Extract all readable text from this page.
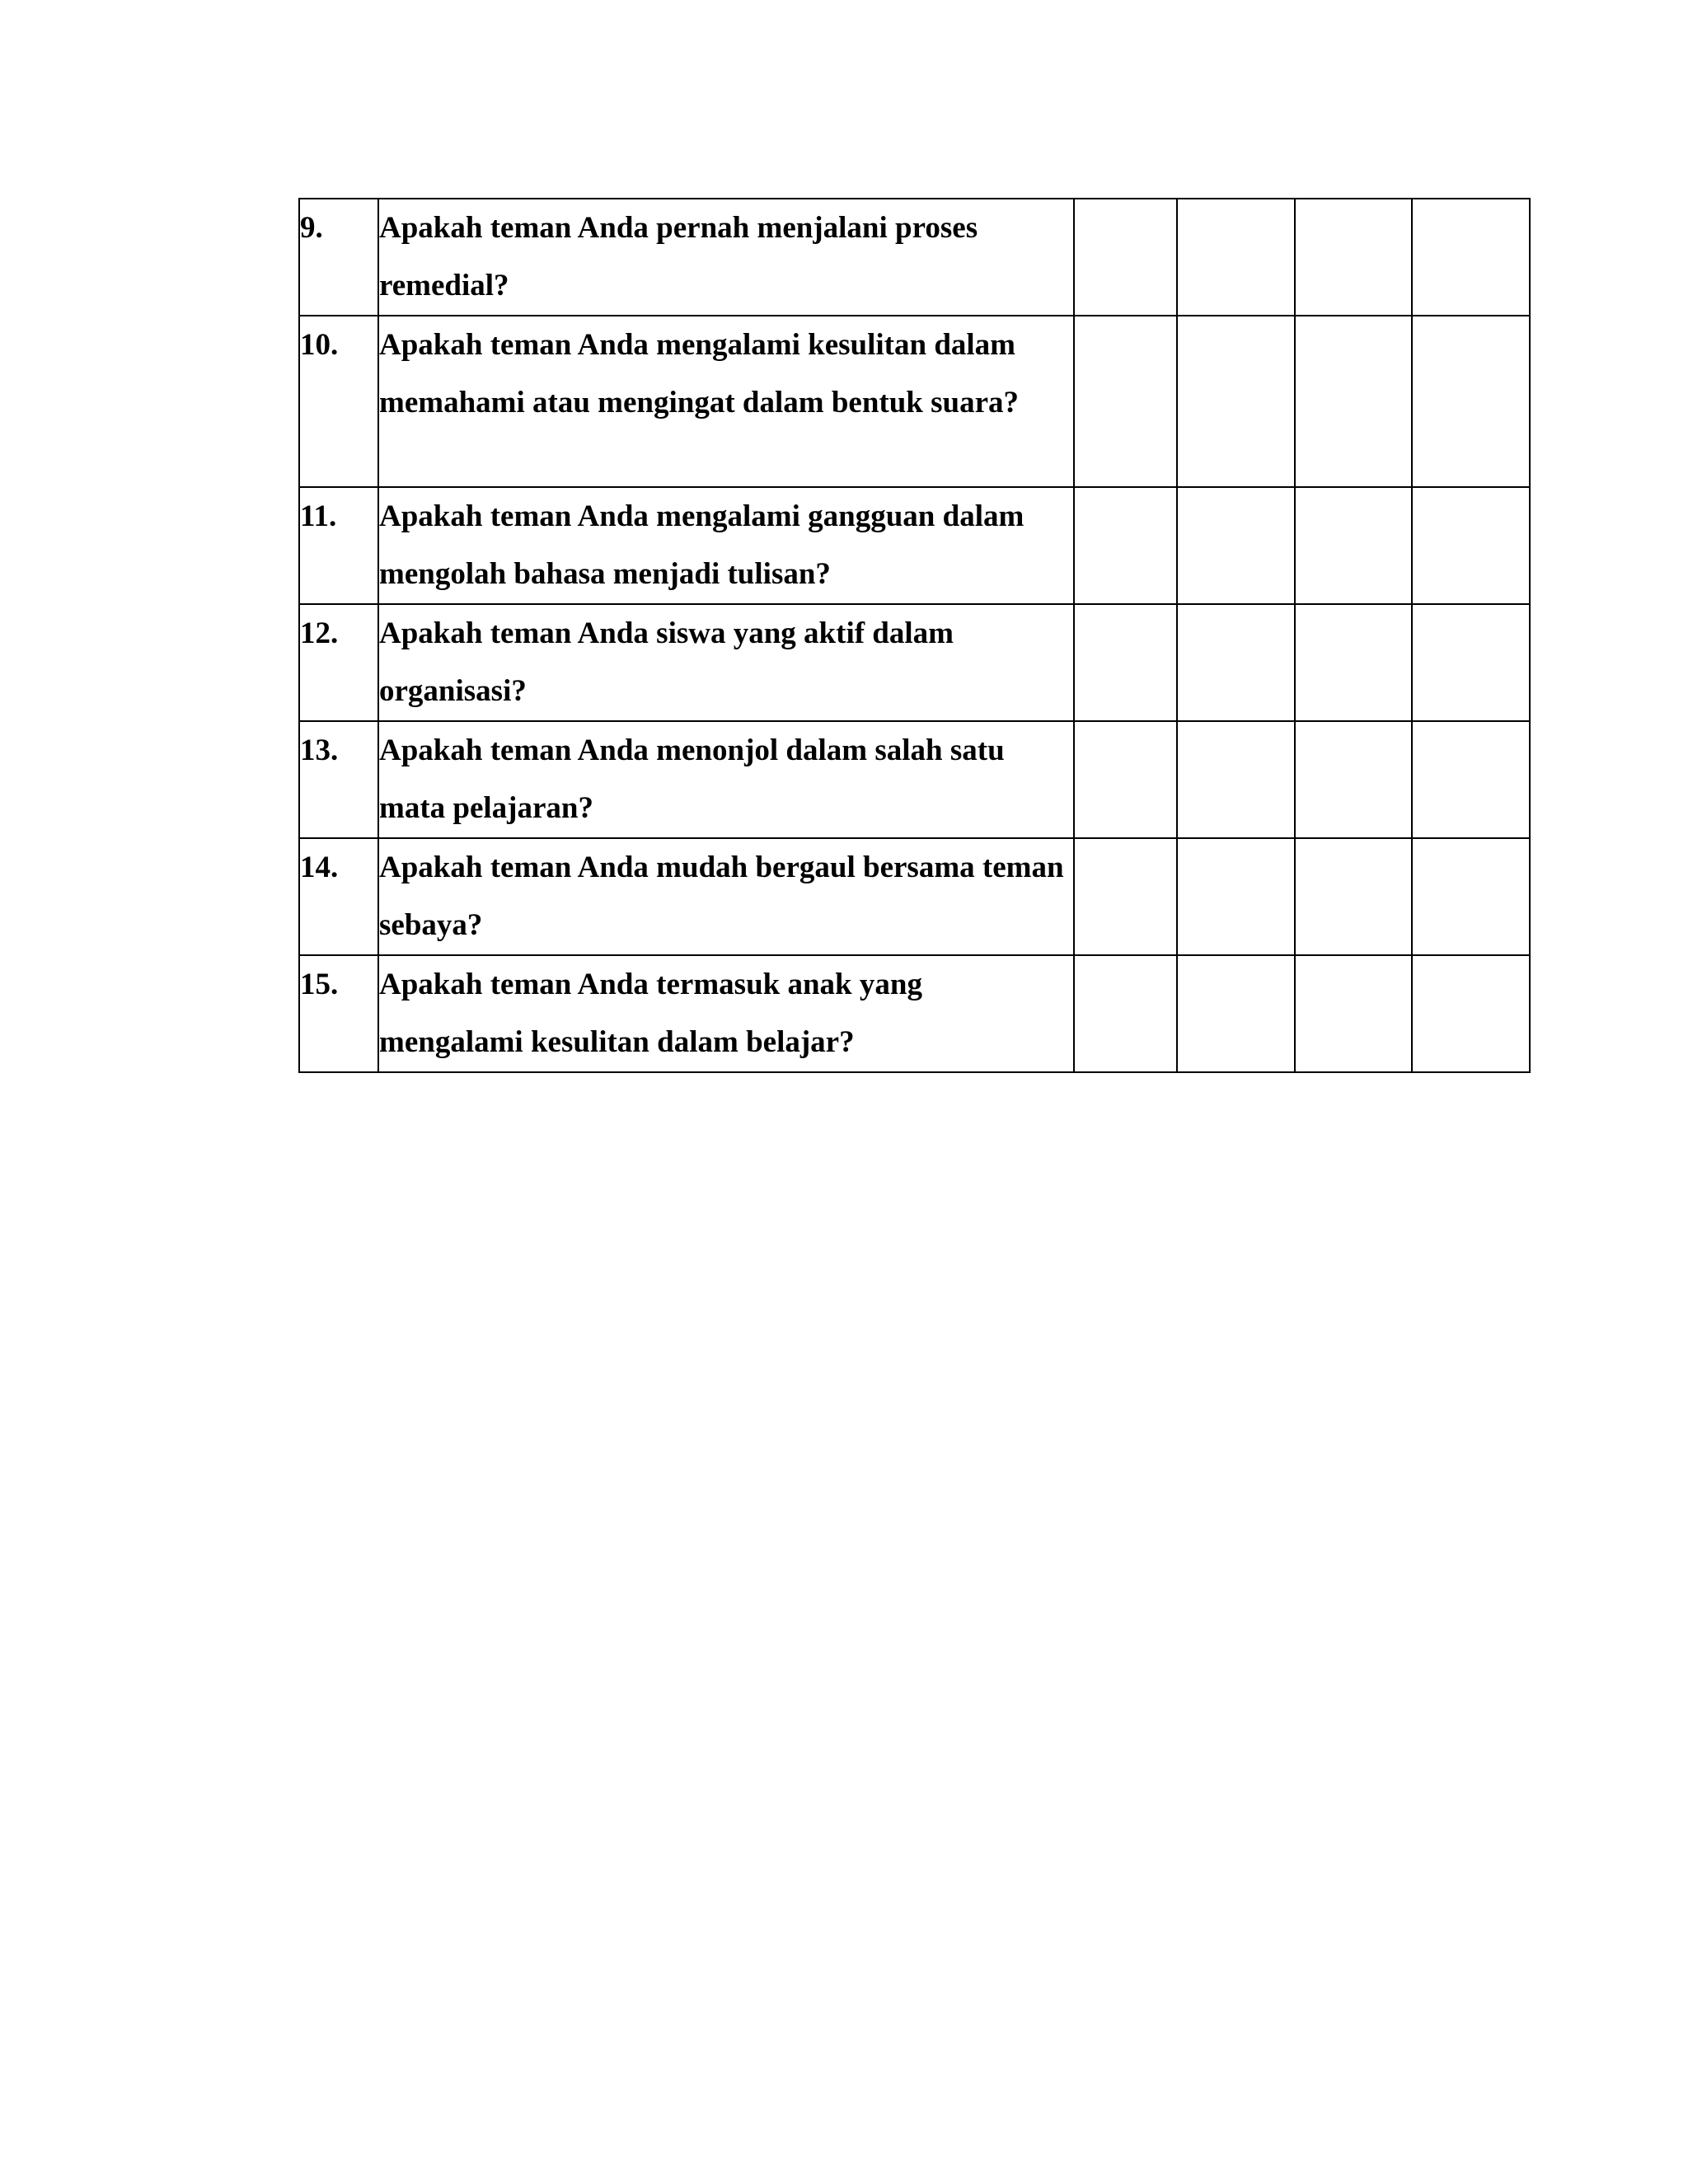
9.	Apakah teman Anda pernah menjalani proses remedial?				
10.	Apakah teman Anda mengalami kesulitan dalam memahami atau mengingat dalam bentuk suara?				
11.	Apakah teman Anda mengalami gangguan dalam mengolah bahasa menjadi tulisan?				
12.	Apakah teman Anda siswa yang aktif dalam organisasi?				
13.	Apakah teman Anda menonjol dalam salah satu mata pelajaran?				
14.	Apakah teman Anda mudah bergaul bersama teman sebaya?				
15.	Apakah teman Anda termasuk anak yang mengalami kesulitan dalam belajar?				
